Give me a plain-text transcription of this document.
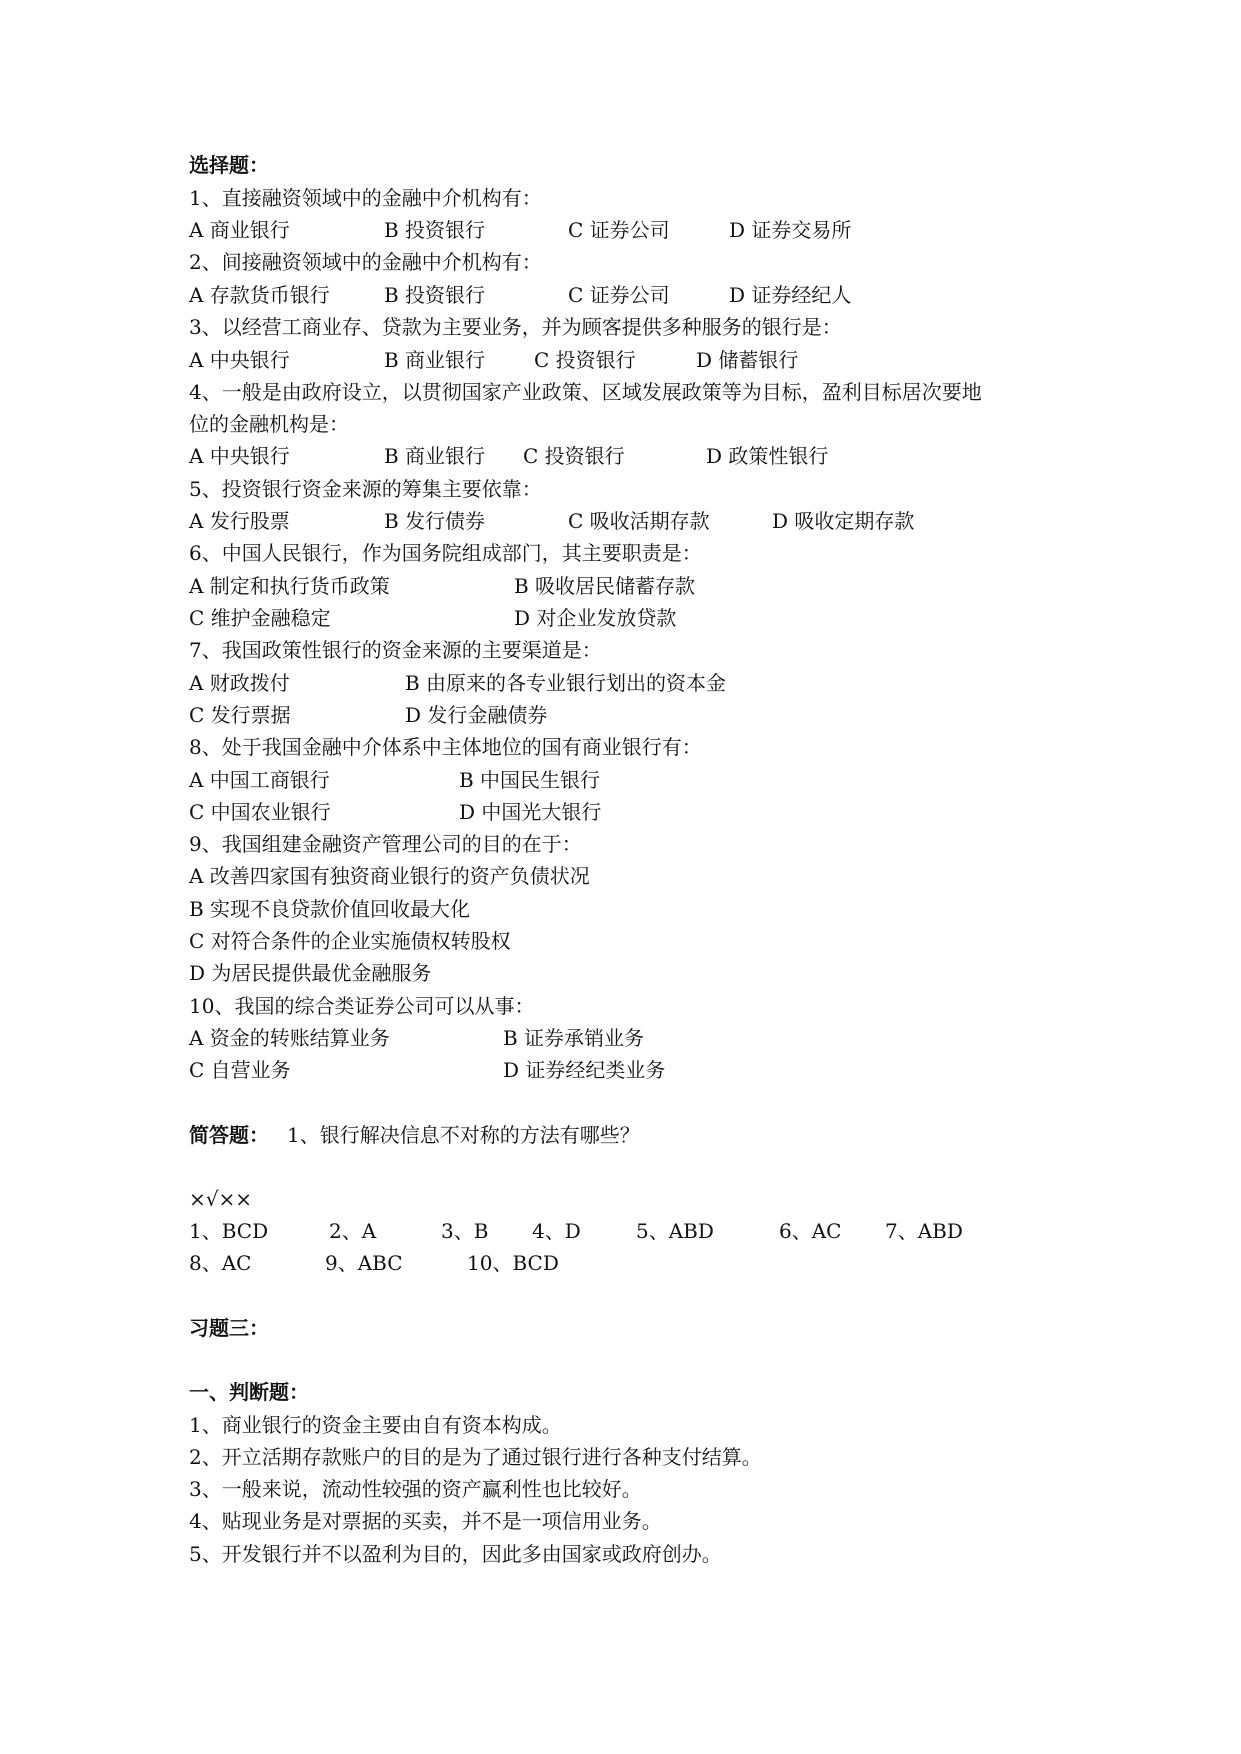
选择题：
1、直接融资领域中的金融中介机构有：
A 商业银行	B 投资银行	C 证券公司	D 证券交易所
2、间接融资领域中的金融中介机构有：
A 存款货币银行	B 投资银行	C 证券公司	D 证券经纪人
3、以经营工商业存、贷款为主要业务，并为顾客提供多种服务的银行是：
A 中央银行	B 商业银行 C 投资银行	D 储蓄银行
4、一般是由政府设立，以贯彻国家产业政策、区域发展政策等为目标，盈利目标居次要地
位的金融机构是：
A 中央银行	B 商业银行 C 投资银行	D 政策性银行
5、投资银行资金来源的筹集主要依靠：
A 发行股票	B 发行债券	C 吸收活期存款	D 吸收定期存款
6、中国人民银行，作为国务院组成部门，其主要职责是：
A 制定和执行货币政策	B 吸收居民储蓄存款
C 维护金融稳定	D 对企业发放贷款
7、我国政策性银行的资金来源的主要渠道是：
A 财政拨付	B 由原来的各专业银行划出的资本金
C 发行票据	D 发行金融债券
8、处于我国金融中介体系中主体地位的国有商业银行有：
A 中国工商银行	B 中国民生银行
C 中国农业银行	D 中国光大银行
9、我国组建金融资产管理公司的目的在于：
A 改善四家国有独资商业银行的资产负债状况
B 实现不良贷款价值回收最大化
C 对符合条件的企业实施债权转股权
D 为居民提供最优金融服务
10、我国的综合类证券公司可以从事：
A 资金的转账结算业务	B 证券承销业务
C 自营业务	D 证券经纪类业务
简答题： 1、银行解决信息不对称的方法有哪些？
×√××
1、BCD	2、A	3、B 4、D	5、ABD	6、AC 7、ABD
8、AC	9、ABC	10、BCD
习题三：
一、判断题：
1、商业银行的资金主要由自有资本构成。
2、开立活期存款账户的目的是为了通过银行进行各种支付结算。
3、一般来说，流动性较强的资产赢利性也比较好。
4、贴现业务是对票据的买卖，并不是一项信用业务。
5、开发银行并不以盈利为目的，因此多由国家或政府创办。
